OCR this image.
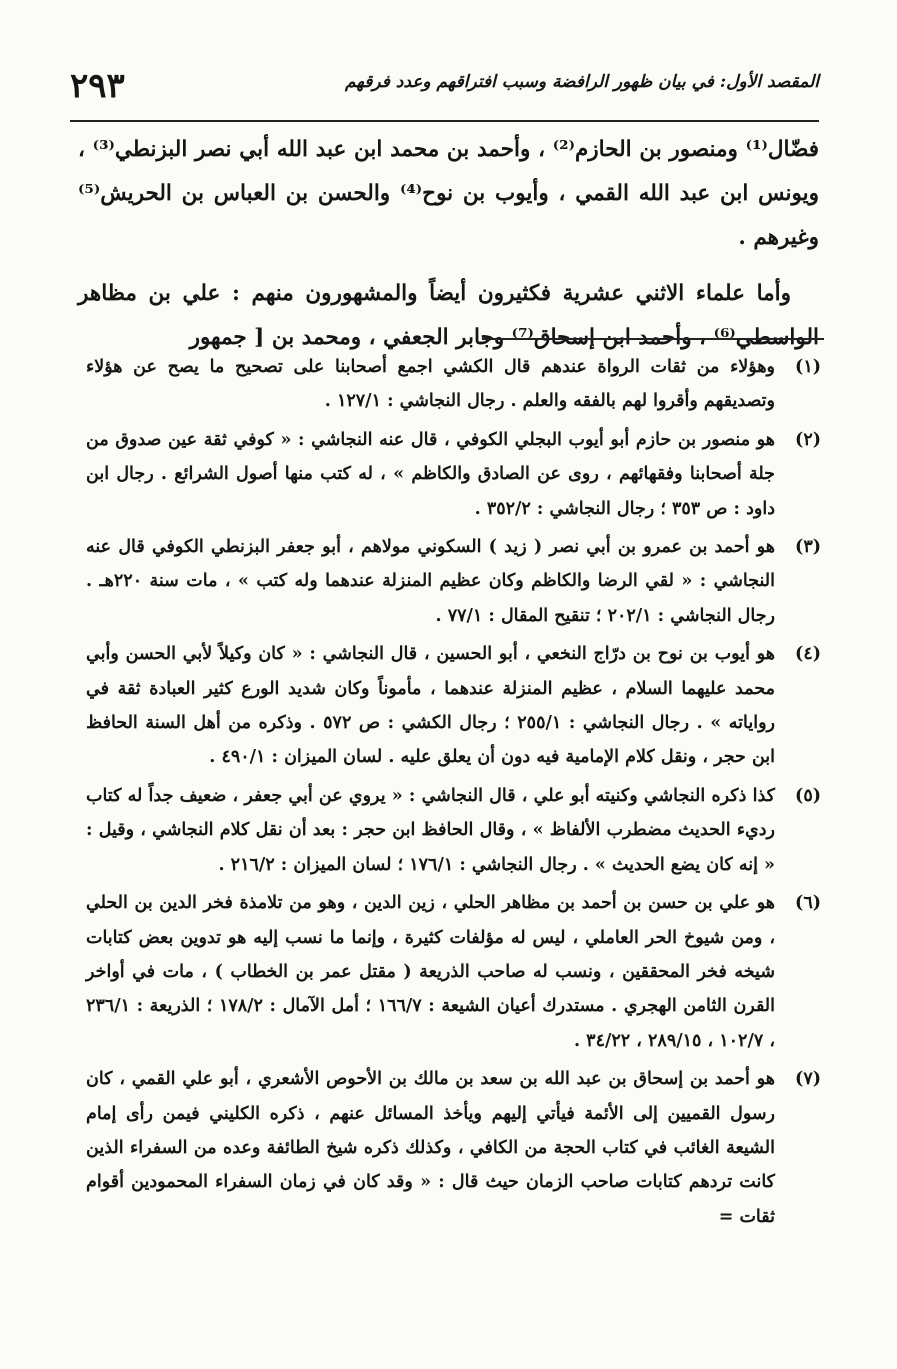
٢٩٣	المقصد الأول: في بيان ظهور الرافضة وسبب افتراقهم وعدد فرقهم

فضّال⁽¹⁾ ومنصور بن الحازم⁽²⁾ ، وأحمد بن محمد ابن عبد الله أبي نصر البزنطي⁽³⁾ ، ويونس ابن عبد الله القمي ، وأيوب بن نوح⁽⁴⁾ والحسن بن العباس بن الحريش⁽⁵⁾ وغيرهم .

وأما علماء الاثني عشرية فكثيرون أيضاً والمشهورون منهم : علي بن مظاهر الواسطي⁽⁶⁾ ، وأحمد ابن إسحاق⁽⁷⁾ وجابر الجعفي ، ومحمد بن [ جمهور

(١)
وهؤلاء من ثقات الرواة عندهم قال الكشي اجمع أصحابنا على تصحيح ما يصح عن هؤلاء وتصديقهم وأقروا لهم بالفقه والعلم . رجال النجاشي : ١٢٧/١ .
(٢)
هو منصور بن حازم أبو أيوب البجلي الكوفي ، قال عنه النجاشي : « كوفي ثقة عين صدوق من جلة أصحابنا وفقهائهم ، روى عن الصادق والكاظم » ، له كتب منها أصول الشرائع . رجال ابن داود : ص ٣٥٣ ؛ رجال النجاشي : ٣٥٢/٢ .
(٣)
هو أحمد بن عمرو بن أبي نصر ( زيد ) السكوني مولاهم ، أبو جعفر البزنطي الكوفي قال عنه النجاشي : « لقي الرضا والكاظم وكان عظيم المنزلة عندهما وله كتب » ، مات سنة ٢٢٠هـ . رجال النجاشي : ٢٠٢/١ ؛ تنقيح المقال : ٧٧/١ .
(٤)
هو أيوب بن نوح بن درّاج النخعي ، أبو الحسين ، قال النجاشي : « كان وكيلاً لأبي الحسن وأبي محمد عليهما السلام ، عظيم المنزلة عندهما ، مأموناً وكان شديد الورع كثير العبادة ثقة في رواياته » . رجال النجاشي : ٢٥٥/١ ؛ رجال الكشي : ص ٥٧٢ . وذكره من أهل السنة الحافظ ابن حجر ، ونقل كلام الإمامية فيه دون أن يعلق عليه . لسان الميزان : ٤٩٠/١ .
(٥)
كذا ذكره النجاشي وكنيته أبو علي ، قال النجاشي : « يروي عن أبي جعفر ، ضعيف جداً له كتاب رديء الحديث مضطرب الألفاظ » ، وقال الحافظ ابن حجر : بعد أن نقل كلام النجاشي ، وقيل : « إنه كان يضع الحديث » . رجال النجاشي : ١٧٦/١ ؛ لسان الميزان : ٢١٦/٢ .
(٦)
هو علي بن حسن بن أحمد بن مظاهر الحلي ، زين الدين ، وهو من تلامذة فخر الدين بن الحلي ، ومن شيوخ الحر العاملي ، ليس له مؤلفات كثيرة ، وإنما ما نسب إليه هو تدوين بعض كتابات شيخه فخر المحققين ، ونسب له صاحب الذريعة ( مقتل عمر بن الخطاب ) ، مات في أواخر القرن الثامن الهجري . مستدرك أعيان الشيعة : ١٦٦/٧ ؛ أمل الآمال : ١٧٨/٢ ؛ الذريعة : ٢٣٦/١ ، ١٠٢/٧ ، ٢٨٩/١٥ ، ٣٤/٢٢ .
(٧)
هو أحمد بن إسحاق بن عبد الله بن سعد بن مالك بن الأحوص الأشعري ، أبو علي القمي ، كان رسول القميين إلى الأئمة فيأتي إليهم ويأخذ المسائل عنهم ، ذكره الكليني فيمن رأى إمام الشيعة الغائب في كتاب الحجة من الكافي ، وكذلك ذكره شيخ الطائفة وعده من السفراء الذين كانت تردهم كتابات صاحب الزمان حيث قال : « وقد كان في زمان السفراء المحمودين أقوام ثقات =
